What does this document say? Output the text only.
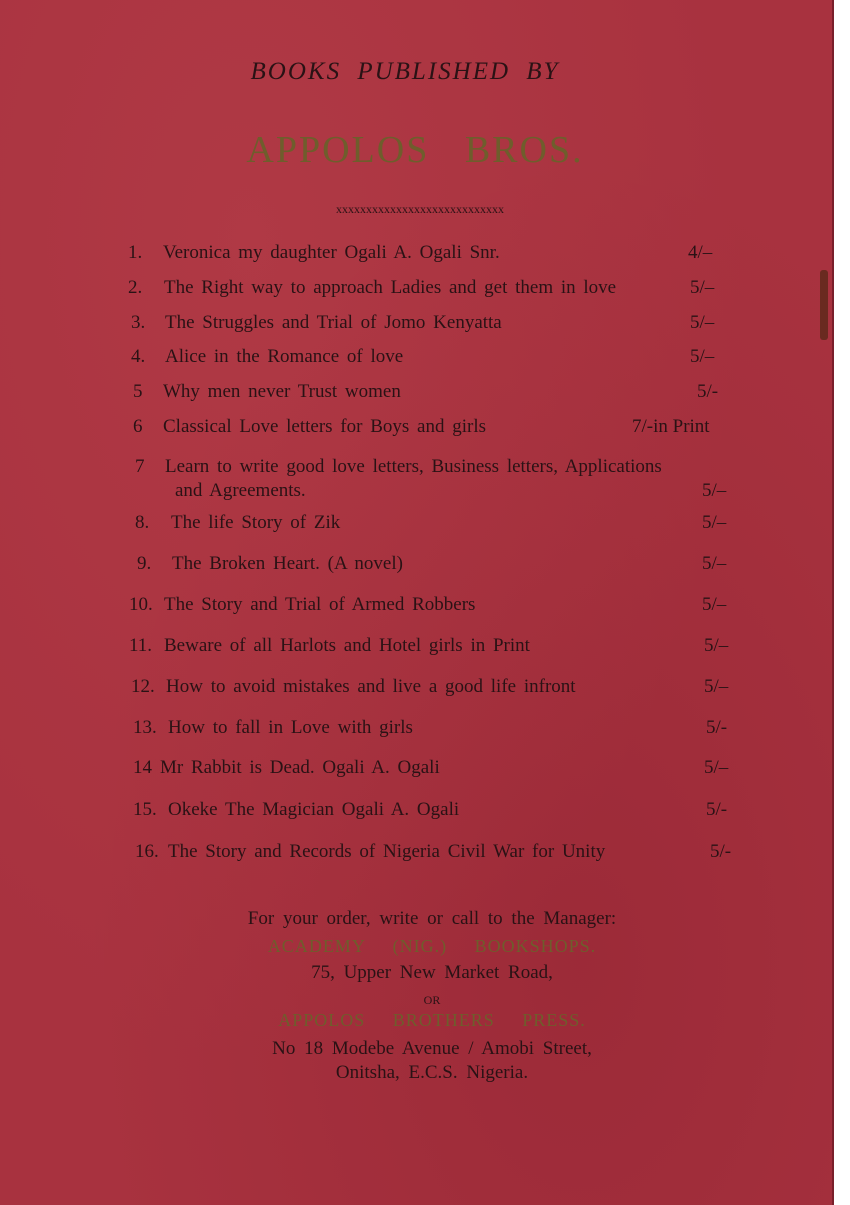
BOOKS PUBLISHED BY
APPOLOS BROS.
xxxxxxxxxxxxxxxxxxxxxxxxxxxx
1. Veronica my daughter Ogali A. Ogali Snr.	4/–
2. The Right way to approach Ladies and get them in love	5/–
3. The Struggles and Trial of Jomo Kenyatta	5/–
4. Alice in the Romance of love	5/–
5 Why men never Trust women	5/-
6 Classical Love letters for Boys and girls	7/-in Print
7 Learn to write good love letters, Business letters, Applications
and Agreements.	5/–
8. The life Story of Zik	5/–
9. The Broken Heart. (A novel)	5/–
10. The Story and Trial of Armed Robbers	5/–
11. Beware of all Harlots and Hotel girls in Print	5/–
12. How to avoid mistakes and live a good life infront	5/–
13. How to fall in Love with girls	5/-
14 Mr Rabbit is Dead. Ogali A. Ogali	5/–
15. Okeke The Magician Ogali A. Ogali	5/-
16. The Story and Records of Nigeria Civil War for Unity	5/-
For your order, write or call to the Manager:
ACADEMY (NIG.) BOOKSHOPS.
75, Upper New Market Road,
OR
APPOLOS BROTHERS PRESS.
No 18 Modebe Avenue / Amobi Street,
Onitsha, E.C.S. Nigeria.
